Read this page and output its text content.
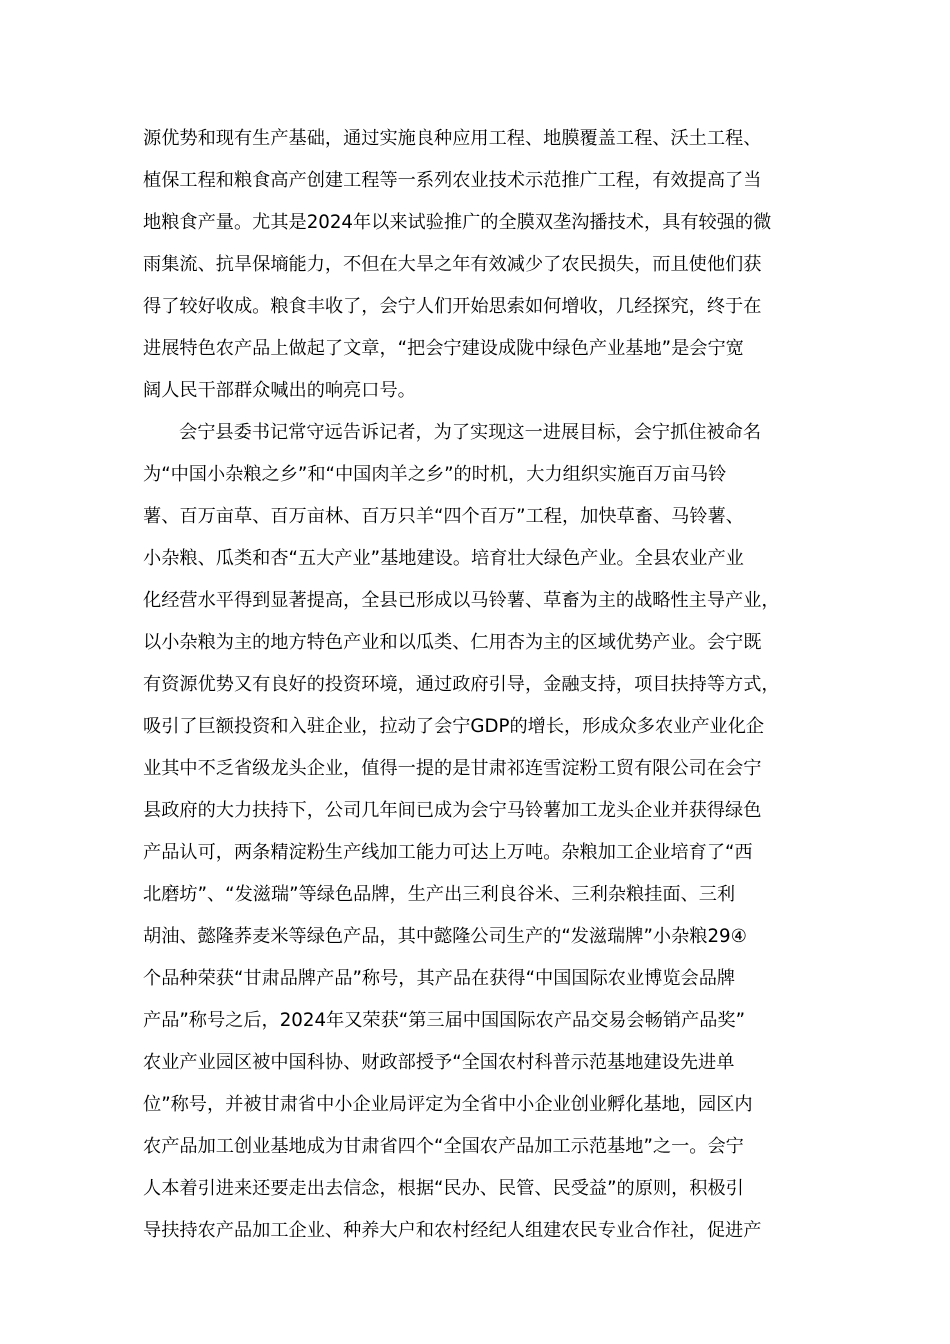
源优势和现有生产基础，通过实施良种应用工程、地膜覆盖工程、沃土工程、
植保工程和粮食高产创建工程等一系列农业技术示范推广工程，有效提高了当
地粮食产量。尤其是2024年以来试验推广的全膜双垄沟播技术，具有较强的微
雨集流、抗旱保墒能力，不但在大旱之年有效减少了农民损失，而且使他们获
得了较好收成。粮食丰收了，会宁人们开始思索如何增收，几经探究，终于在
进展特色农产品上做起了文章，“把会宁建设成陇中绿色产业基地”是会宁宽
阔人民干部群众喊出的响亮口号。
会宁县委书记常守远告诉记者，为了实现这一进展目标，会宁抓住被命名
为“中国小杂粮之乡”和“中国肉羊之乡”的时机，大力组织实施百万亩马铃
薯、百万亩草、百万亩林、百万只羊“四个百万”工程，加快草畜、马铃薯、
小杂粮、瓜类和杏“五大产业”基地建设。培育壮大绿色产业。全县农业产业
化经营水平得到显著提高，全县已形成以马铃薯、草畜为主的战略性主导产业，
以小杂粮为主的地方特色产业和以瓜类、仁用杏为主的区域优势产业。会宁既
有资源优势又有良好的投资环境，通过政府引导，金融支持，项目扶持等方式，
吸引了巨额投资和入驻企业，拉动了会宁GDP的增长，形成众多农业产业化企
业其中不乏省级龙头企业，值得一提的是甘肃祁连雪淀粉工贸有限公司在会宁
县政府的大力扶持下，公司几年间已成为会宁马铃薯加工龙头企业并获得绿色
产品认可，两条精淀粉生产线加工能力可达上万吨。杂粮加工企业培育了“西
北磨坊”、“发滋瑞”等绿色品牌，生产出三利良谷米、三利杂粮挂面、三利
胡油、懿隆荞麦米等绿色产品，其中懿隆公司生产的“发滋瑞牌”小杂粮29④
个品种荣获“甘肃品牌产品”称号，其产品在获得“中国国际农业博览会品牌
产品”称号之后，2024年又荣获“第三届中国国际农产品交易会畅销产品奖”
农业产业园区被中国科协、财政部授予“全国农村科普示范基地建设先进单
位”称号，并被甘肃省中小企业局评定为全省中小企业创业孵化基地，园区内
农产品加工创业基地成为甘肃省四个“全国农产品加工示范基地”之一。会宁
人本着引进来还要走出去信念，根据“民办、民管、民受益”的原则，积极引
导扶持农产品加工企业、种养大户和农村经纪人组建农民专业合作社，促进产
